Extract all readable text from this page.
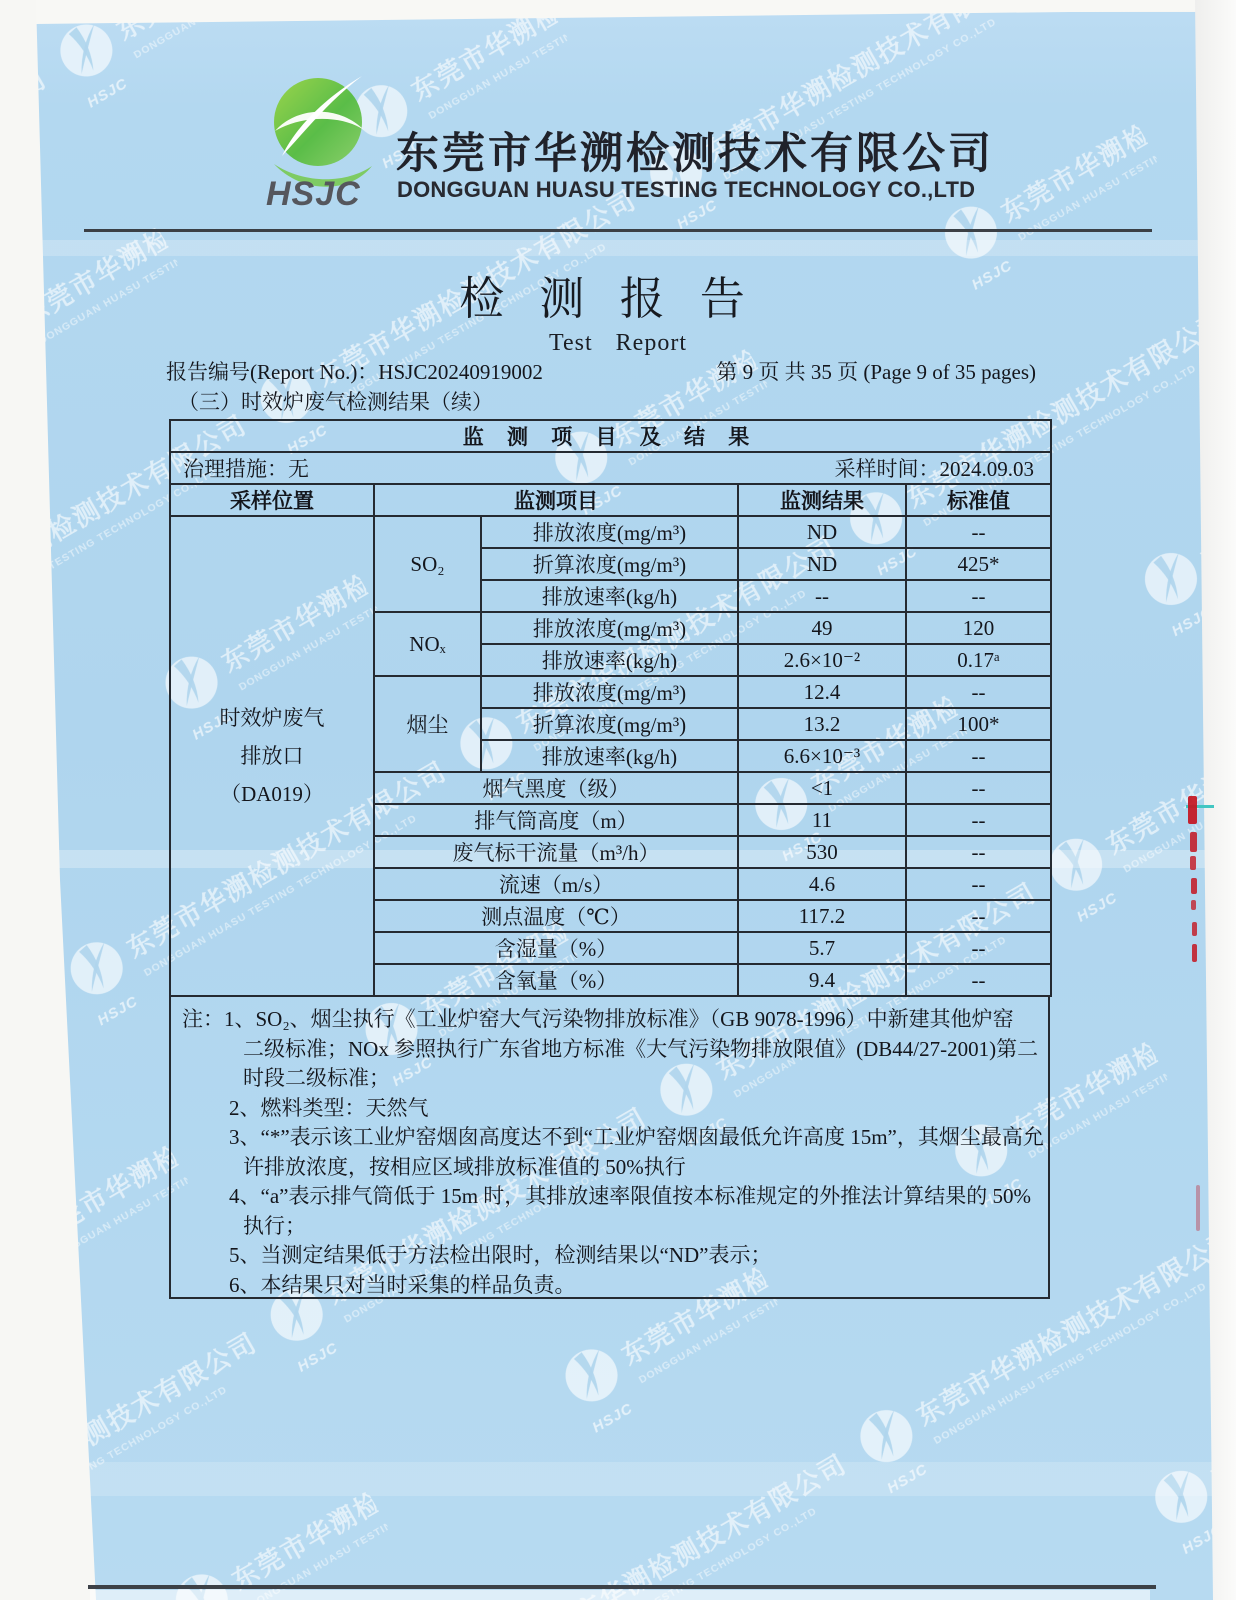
HSJC
东莞市华溯检测技术有限公司
DONGGUAN HUASU TESTING TECHNOLOGY CO.,LTD
检 测 报 告
Test Report
报告编号(Report No.)：HSJC20240919002	第 9 页 共 35 页 (Page 9 of 35 pages)
（三）时效炉废气检测结果（续）
监 测 项 目 及 结 果				

治理措施：无 采样时间：2024.09.03				

采样位置	监测项目		监测结果	标准值

时效炉废气
排放口
（DA019）	SO₂	排放浓度(mg/m³)	ND	--
		折算浓度(mg/m³)	ND	425*
		排放速率(kg/h)	--	--
	NOₓ	排放浓度(mg/m³)	49	120
		排放速率(kg/h)	2.6×10⁻²	0.17ᵃ
	烟尘	排放浓度(mg/m³)	12.4	--
		折算浓度(mg/m³)	13.2	100*
		排放速率(kg/h)	6.6×10⁻³	--
	烟气黑度（级）		<1	--
	排气筒高度（m）		11	--
	废气标干流量（m³/h）		530	--
	流速（m/s）		4.6	--
	测点温度（℃）		117.2	--
	含湿量（%）		5.7	--
	含氧量（%）		9.4	--
注：1、SO₂、烟尘执行《工业炉窑大气污染物排放标准》（GB 9078-1996）中新建其他炉窑
二级标准；NOx 参照执行广东省地方标准《大气污染物排放限值》(DB44/27-2001)第二
时段二级标准；
2、燃料类型：天然气
3、“*”表示该工业炉窑烟囱高度达不到“工业炉窑烟囱最低允许高度 15m”，其烟尘最高允
许排放浓度，按相应区域排放标准值的 50%执行
4、“a”表示排气筒低于 15m 时，其排放速率限值按本标准规定的外推法计算结果的 50%
执行；
5、当测定结果低于方法检出限时，检测结果以“ND”表示；
6、本结果只对当时采集的样品负责。
